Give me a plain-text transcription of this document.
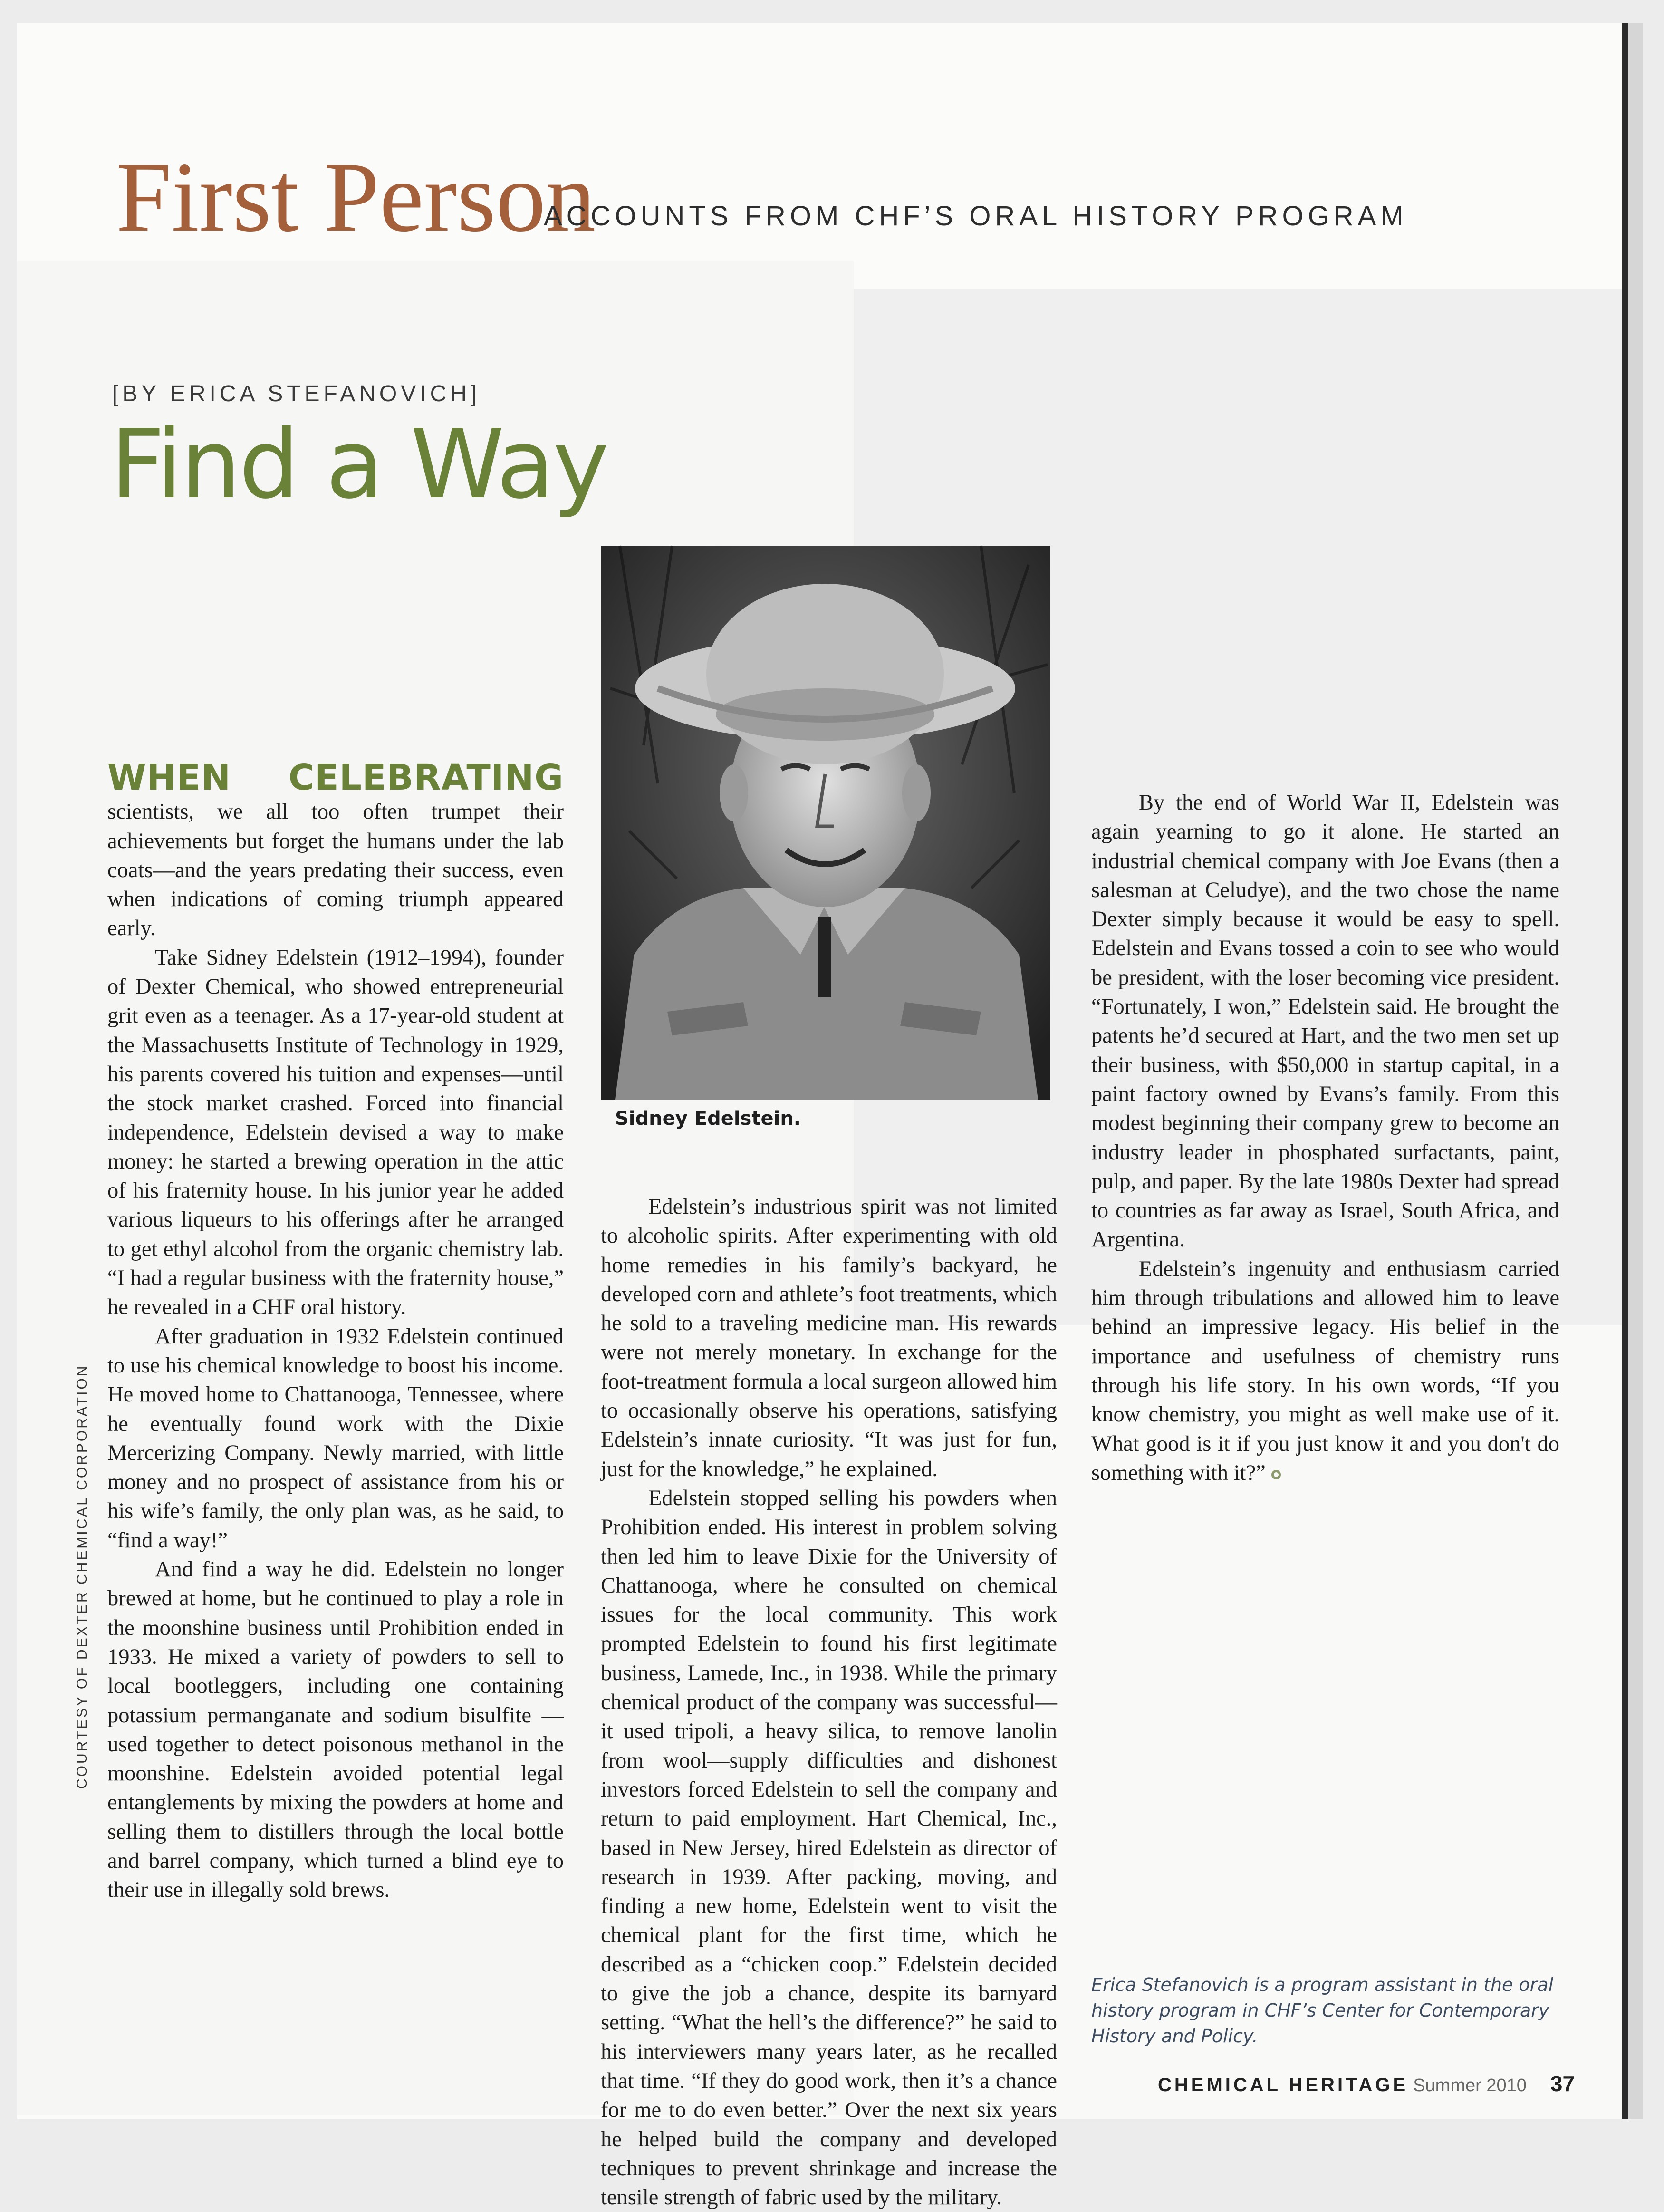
First Person
ACCOUNTS FROM CHF’S ORAL HISTORY PROGRAM
[BY ERICA STEFANOVICH]
Find a Way
Sidney Edelstein.

WHEN CELEBRATING scientists, we all too often trumpet their achievements but forget the humans under the lab coats—and the years predating their success, even when indications of coming triumph appeared early.

Take Sidney Edelstein (1912–1994), founder of Dexter Chemical, who showed entrepreneurial grit even as a teenager. As a 17-year-old student at the Massachusetts Institute of Technology in 1929, his parents covered his tuition and expenses—until the stock market crashed. Forced into financial independence, Edelstein devised a way to make money: he started a brewing operation in the attic of his fraternity house. In his junior year he added various liqueurs to his offerings after he arranged to get ethyl alcohol from the organic chemistry lab. “I had a regular business with the fraternity house,” he revealed in a CHF oral history.

After graduation in 1932 Edelstein continued to use his chemical knowledge to boost his income. He moved home to Chattanooga, Tennessee, where he eventually found work with the Dixie Mercerizing Company. Newly married, with little money and no prospect of assistance from his or his wife’s family, the only plan was, as he said, to “find a way!”

And find a way he did. Edelstein no longer brewed at home, but he continued to play a role in the moonshine business until Prohibition ended in 1933. He mixed a variety of powders to sell to local bootleggers, including one containing potassium permanganate and sodium bisulfite —used together to detect poisonous methanol in the moonshine. Edelstein avoided potential legal entanglements by mixing the powders at home and selling them to distillers through the local bottle and barrel company, which turned a blind eye to their use in illegally sold brews.

Edelstein’s industrious spirit was not limited to alcoholic spirits. After experimenting with old home remedies in his family’s backyard, he developed corn and athlete’s foot treatments, which he sold to a traveling medicine man. His rewards were not merely monetary. In exchange for the foot-treatment formula a local surgeon allowed him to occasionally observe his operations, satisfying Edelstein’s innate curiosity. “It was just for fun, just for the knowledge,” he explained.

Edelstein stopped selling his powders when Prohibition ended. His interest in problem solving then led him to leave Dixie for the University of Chattanooga, where he consulted on chemical issues for the local community. This work prompted Edelstein to found his first legitimate business, Lamede, Inc., in 1938. While the primary chemical product of the company was successful—it used tripoli, a heavy silica, to remove lanolin from wool—supply difficulties and dishonest investors forced Edelstein to sell the company and return to paid employment. Hart Chemical, Inc., based in New Jersey, hired Edelstein as director of research in 1939. After packing, moving, and finding a new home, Edelstein went to visit the chemical plant for the first time, which he described as a “chicken coop.” Edelstein decided to give the job a chance, despite its barnyard setting. “What the hell’s the difference?” he said to his interviewers many years later, as he recalled that time. “If they do good work, then it’s a chance for me to do even better.” Over the next six years he helped build the company and developed techniques to prevent shrinkage and increase the tensile strength of fabric used by the military.

By the end of World War II, Edelstein was again yearning to go it alone. He started an industrial chemical company with Joe Evans (then a salesman at Celudye), and the two chose the name Dexter simply because it would be easy to spell. Edelstein and Evans tossed a coin to see who would be president, with the loser becoming vice president. “Fortunately, I won,” Edelstein said. He brought the patents he’d secured at Hart, and the two men set up their business, with $50,000 in startup capital, in a paint factory owned by Evans’s family. From this modest beginning their company grew to become an industry leader in phosphated surfactants, paint, pulp, and paper. By the late 1980s Dexter had spread to countries as far away as Israel, South Africa, and Argentina.

Edelstein’s ingenuity and enthusiasm carried him through tribulations and allowed him to leave behind an impressive legacy. His belief in the importance and usefulness of chemistry runs through his life story. In his own words, “If you know chemistry, you might as well make use of it. What good is it if you just know it and you don't do something with it?”

Erica Stefanovich is a program assistant in the oral history program in CHF’s Center for Contemporary History and Policy.
COURTESY OF DEXTER CHEMICAL CORPORATION
CHEMICAL HERITAGE Summer 2010 37
